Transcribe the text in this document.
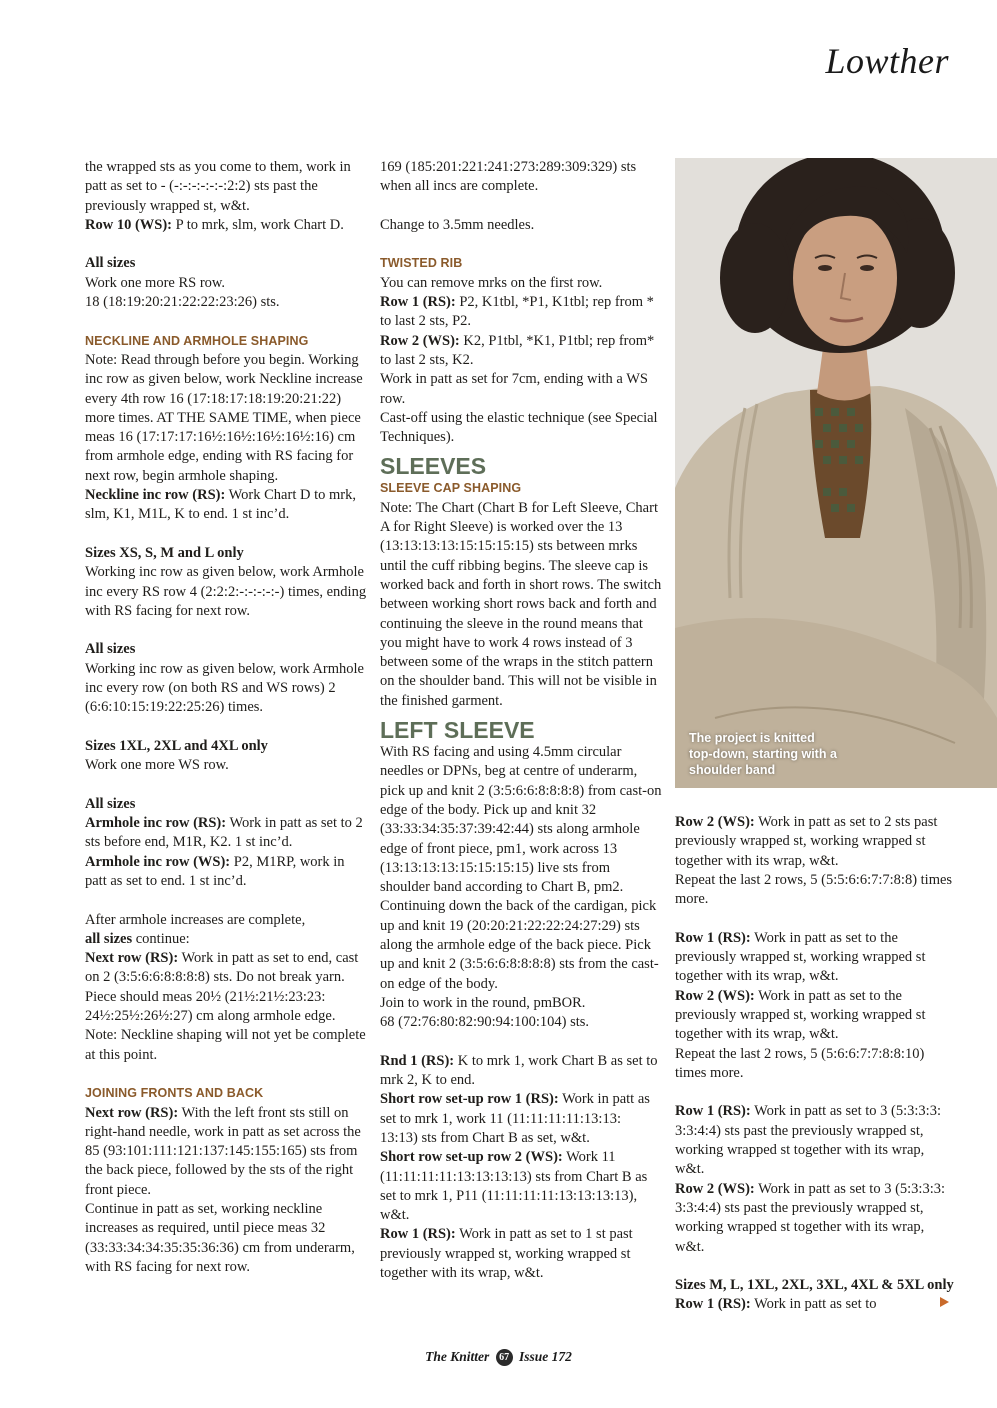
Lowther

the wrapped sts as you come to them, work in patt as set to - (-:-:-:-:-:-:2:2) sts past the previously wrapped st, w&t.

Row 10 (WS): P to mrk, slm, work Chart D.

All sizes

Work one more RS row.

18 (18:19:20:21:22:22:23:26) sts.

NECKLINE AND ARMHOLE SHAPING

Note: Read through before you begin. Working inc row as given below, work Neckline increase every 4th row 16 (17:18:17:18:19:20:21:22) more times. AT THE SAME TIME, when piece meas 16 (17:17:17:16½:16½:16½:16½:16) cm from armhole edge, ending with RS facing for next row, begin armhole shaping.

Neckline inc row (RS): Work Chart D to mrk, slm, K1, M1L, K to end. 1 st inc’d.

Sizes XS, S, M and L only

Working inc row as given below, work Armhole inc every RS row 4 (2:2:2:-:-:-:-:-) times, ending with RS facing for next row.

All sizes

Working inc row as given below, work Armhole inc every row (on both RS and WS rows) 2 (6:6:10:15:19:22:25:26) times.

Sizes 1XL, 2XL and 4XL only

Work one more WS row.

All sizes

Armhole inc row (RS): Work in patt as set to 2 sts before end, M1R, K2. 1 st inc’d.

Armhole inc row (WS): P2, M1RP, work in patt as set to end. 1 st inc’d.

After armhole increases are complete,

all sizes continue:

Next row (RS): Work in patt as set to end, cast on 2 (3:5:6:6:8:8:8:8) sts. Do not break yarn.

Piece should meas 20½ (21½:21½:23:23: 24½:25½:26½:27) cm along armhole edge. Note: Neckline shaping will not yet be complete at this point.

JOINING FRONTS AND BACK

Next row (RS): With the left front sts still on right-hand needle, work in patt as set across the 85 (93:101:111:121:137:145:155:165) sts from the back piece, followed by the sts of the right front piece.

Continue in patt as set, working neckline increases as required, until piece meas 32 (33:33:34:34:35:35:36:36) cm from underarm, with RS facing for next row.

169 (185:201:221:241:273:289:309:329) sts when all incs are complete.

Change to 3.5mm needles.

TWISTED RIB

You can remove mrks on the first row.

Row 1 (RS): P2, K1tbl, *P1, K1tbl; rep from * to last 2 sts, P2.

Row 2 (WS): K2, P1tbl, *K1, P1tbl; rep from* to last 2 sts, K2.

Work in patt as set for 7cm, ending with a WS row.

Cast-off using the elastic technique (see Special Techniques).

SLEEVES

SLEEVE CAP SHAPING

Note: The Chart (Chart B for Left Sleeve, Chart A for Right Sleeve) is worked over the 13 (13:13:13:13:15:15:15:15) sts between mrks until the cuff ribbing begins. The sleeve cap is worked back and forth in short rows. The switch between working short rows back and forth and continuing the sleeve in the round means that you might have to work 4 rows instead of 3 between some of the wraps in the stitch pattern on the shoulder band. This will not be visible in the finished garment.

LEFT SLEEVE

With RS facing and using 4.5mm circular needles or DPNs, beg at centre of underarm, pick up and knit 2 (3:5:6:6:8:8:8:8) from cast-on edge of the body. Pick up and knit 32 (33:33:34:35:37:39:42:44) sts along armhole edge of front piece, pm1, work across 13 (13:13:13:13:15:15:15:15) live sts from shoulder band according to Chart B, pm2. Continuing down the back of the cardigan, pick up and knit 19 (20:20:21:22:22:24:27:29) sts along the armhole edge of the back piece. Pick up and knit 2 (3:5:6:6:8:8:8:8) sts from the cast-on edge of the body.

Join to work in the round, pmBOR.

68 (72:76:80:82:90:94:100:104) sts.

Rnd 1 (RS): K to mrk 1, work Chart B as set to mrk 2, K to end.

Short row set-up row 1 (RS): Work in patt as set to mrk 1, work 11 (11:11:11:11:13:13: 13:13) sts from Chart B as set, w&t.

Short row set-up row 2 (WS): Work 11 (11:11:11:11:13:13:13:13) sts from Chart B as set to mrk 1, P11 (11:11:11:11:13:13:13:13), w&t.

Row 1 (RS): Work in patt as set to 1 st past previously wrapped st, working wrapped st together with its wrap, w&t.

The project is knitted top-down, starting with a shoulder band

Row 2 (WS): Work in patt as set to 2 sts past previously wrapped st, working wrapped st together with its wrap, w&t.

Repeat the last 2 rows, 5 (5:5:6:6:7:7:8:8) times more.

Row 1 (RS): Work in patt as set to the previously wrapped st, working wrapped st together with its wrap, w&t.

Row 2 (WS): Work in patt as set to the previously wrapped st, working wrapped st together with its wrap, w&t.

Repeat the last 2 rows, 5 (5:6:6:7:7:8:8:10) times more.

Row 1 (RS): Work in patt as set to 3 (5:3:3:3: 3:3:4:4) sts past the previously wrapped st, working wrapped st together with its wrap, w&t.

Row 2 (WS): Work in patt as set to 3 (5:3:3:3: 3:3:4:4) sts past the previously wrapped st, working wrapped st together with its wrap, w&t.

Sizes M, L, 1XL, 2XL, 3XL, 4XL & 5XL only

Row 1 (RS): Work in patt as set to

The Knitter 67 Issue 172
